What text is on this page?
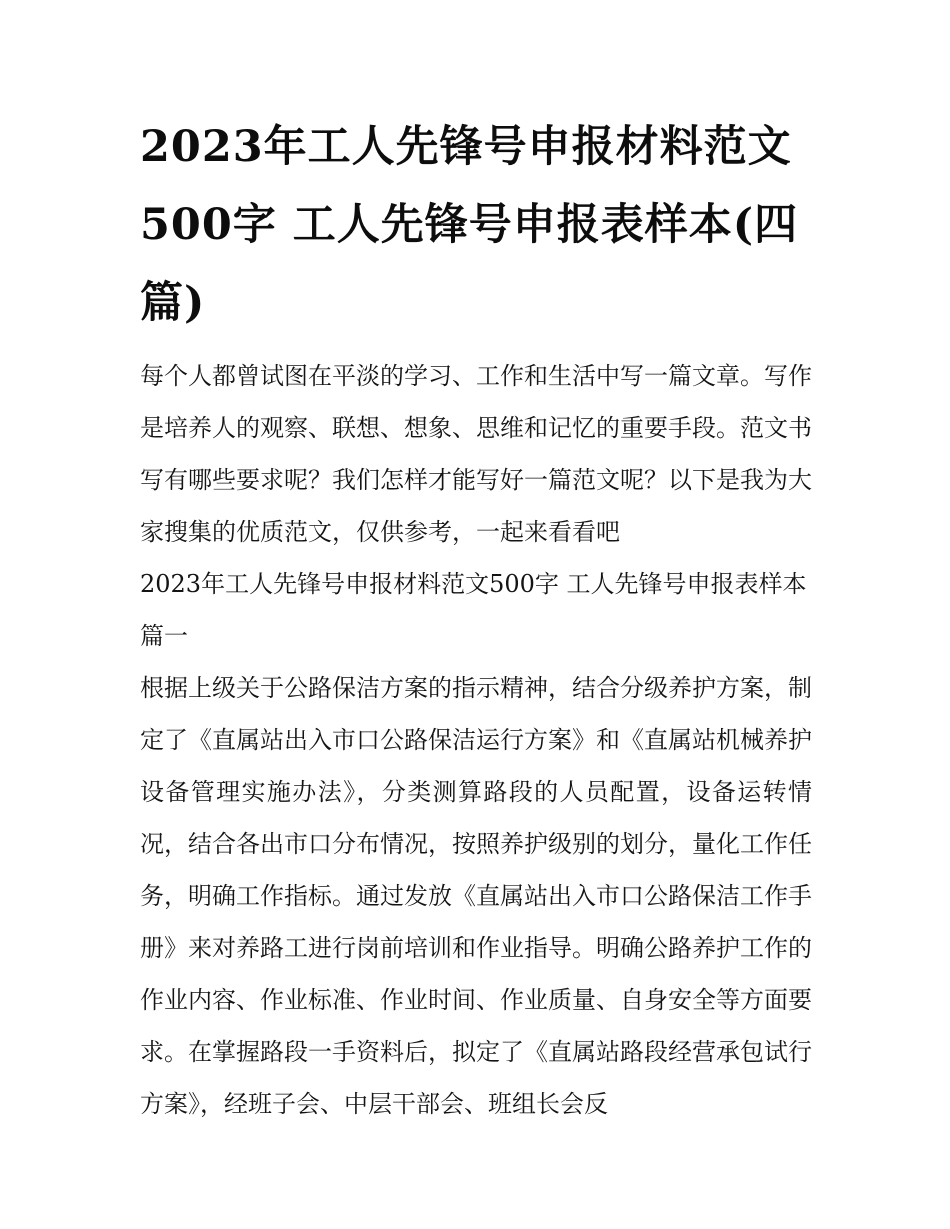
2023年工人先锋号申报材料范文500字 工人先锋号申报表样本(四篇)

每个人都曾试图在平淡的学习、工作和生活中写一篇文章。写作是培养人的观察、联想、想象、思维和记忆的重要手段。范文书写有哪些要求呢？我们怎样才能写好一篇范文呢？以下是我为大家搜集的优质范文，仅供参考，一起来看看吧

2023年工人先锋号申报材料范文500字 工人先锋号申报表样本篇一

根据上级关于公路保洁方案的指示精神，结合分级养护方案，制定了《直属站出入市口公路保洁运行方案》和《直属站机械养护设备管理实施办法》，分类测算路段的人员配置，设备运转情况，结合各出市口分布情况，按照养护级别的划分，量化工作任务，明确工作指标。通过发放《直属站出入市口公路保洁工作手册》来对养路工进行岗前培训和作业指导。明确公路养护工作的作业内容、作业标准、作业时间、作业质量、自身安全等方面要求。在掌握路段一手资料后，拟定了《直属站路段经营承包试行方案》，经班子会、中层干部会、班组长会反
